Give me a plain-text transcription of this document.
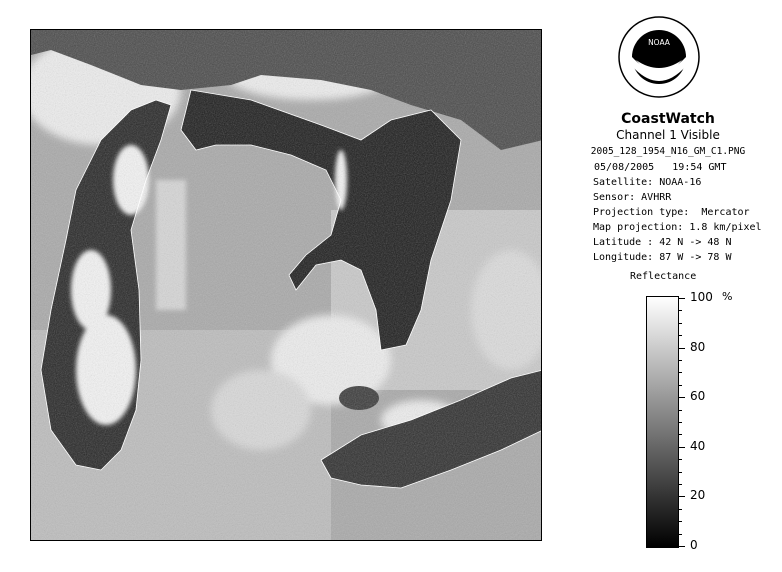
NOAA
CoastWatch
Channel 1 Visible
2005_128_1954_N16_GM_C1.PNG
05/08/2005 19:54 GMT
Satellite: NOAA-16
Sensor: AVHRR
Projection type:  Mercator
Map projection: 1.8 km/pixel
Latitude : 42 N -> 48 N
Longitude: 87 W -> 78 W
Reflectance
%
100
80
60
40
20
0
